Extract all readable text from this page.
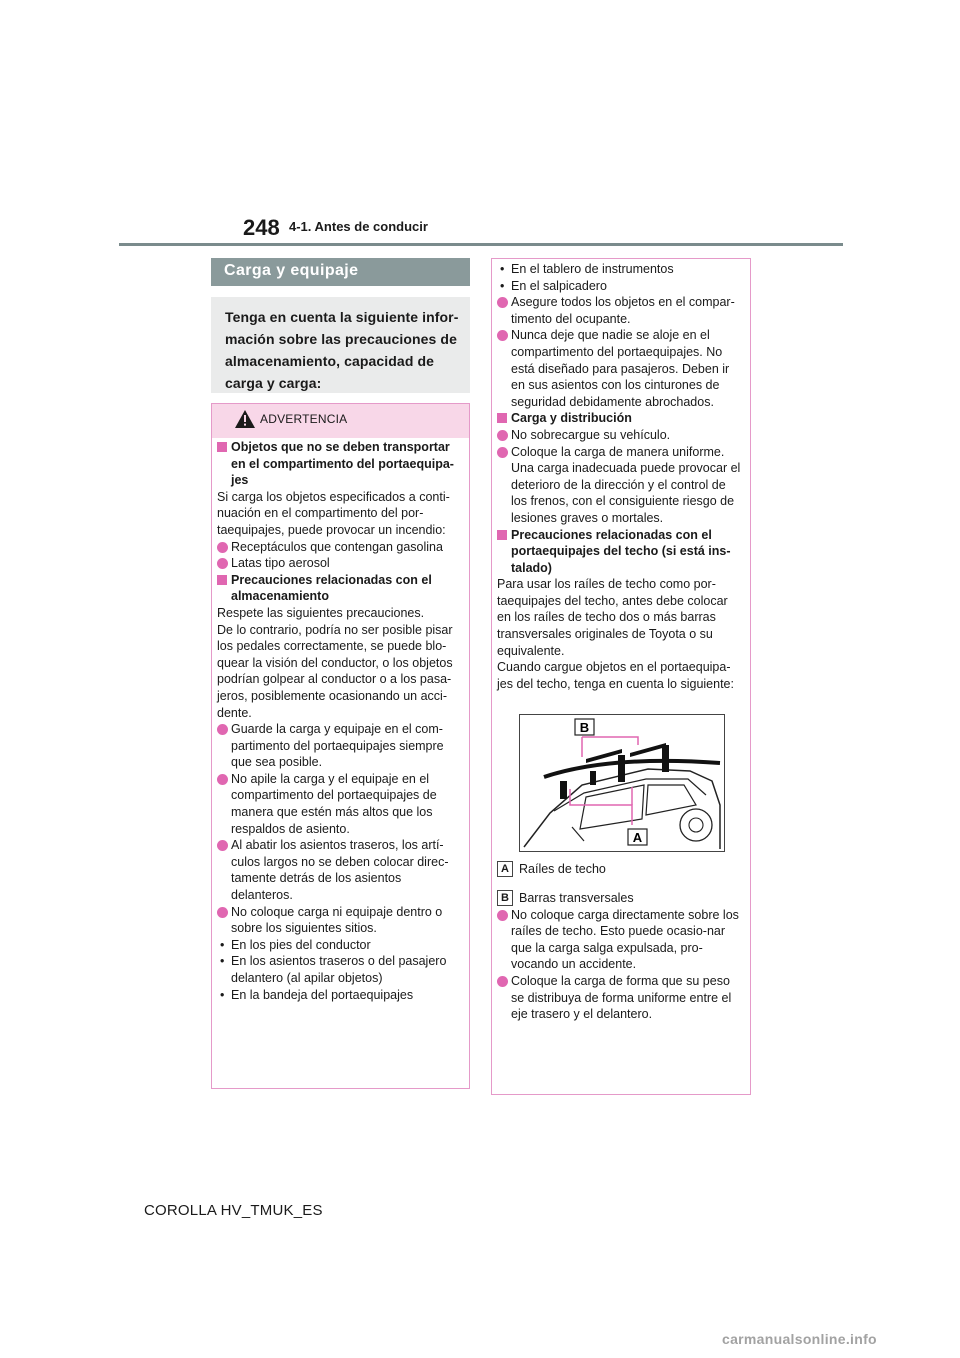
248 4-1. Antes de conducir
Carga y equipaje

Tenga en cuenta la siguiente infor-

mación sobre las precauciones de

almacenamiento, capacidad de

carga y carga:

ADVERTENCIA

Objetos que no se deben transportar en el compartimento del portaequipa-jes

Si carga los objetos especificados a conti-nuación en el compartimento del por-taequipajes, puede provocar un incendio:

Receptáculos que contengan gasolina

Latas tipo aerosol

Precauciones relacionadas con el almacenamiento

Respete las siguientes precauciones.

De lo contrario, podría no ser posible pisar los pedales correctamente, se puede blo-quear la visión del conductor, o los objetos podrían golpear al conductor o a los pasa-jeros, posiblemente ocasionando un acci-dente.

Guarde la carga y equipaje en el com-partimento del portaequipajes siempre que sea posible.

No apile la carga y el equipaje en el compartimento del portaequipajes de manera que estén más altos que los respaldos de asiento.

Al abatir los asientos traseros, los artí-culos largos no se deben colocar direc-tamente detrás de los asientos delanteros.

No coloque carga ni equipaje dentro o sobre los siguientes sitios.

• En los pies del conductor

• En los asientos traseros o del pasajero delantero (al apilar objetos)

• En la bandeja del portaequipajes

• En el tablero de instrumentos

• En el salpicadero

Asegure todos los objetos en el compar-timento del ocupante.

Nunca deje que nadie se aloje en el compartimento del portaequipajes. No está diseñado para pasajeros. Deben ir en sus asientos con los cinturones de seguridad debidamente abrochados.

Carga y distribución

No sobrecargue su vehículo.

Coloque la carga de manera uniforme. Una carga inadecuada puede provocar el deterioro de la dirección y el control de los frenos, con el consiguiente riesgo de lesiones graves o mortales.

Precauciones relacionadas con el portaequipajes del techo (si está ins-talado)

Para usar los raíles de techo como por-taequipajes del techo, antes debe colocar en los raíles de techo dos o más barras transversales originales de Toyota o su equivalente.

Cuando cargue objetos en el portaequipa-jes del techo, tenga en cuenta lo siguiente:

B
A
A Raíles de techo
B Barras transversales

No coloque carga directamente sobre los raíles de techo. Esto puede ocasio-nar que la carga salga expulsada, pro-vocando un accidente.

Coloque la carga de forma que su peso se distribuya de forma uniforme entre el eje trasero y el delantero.

COROLLA HV_TMUK_ES
carmanualsonline.info
